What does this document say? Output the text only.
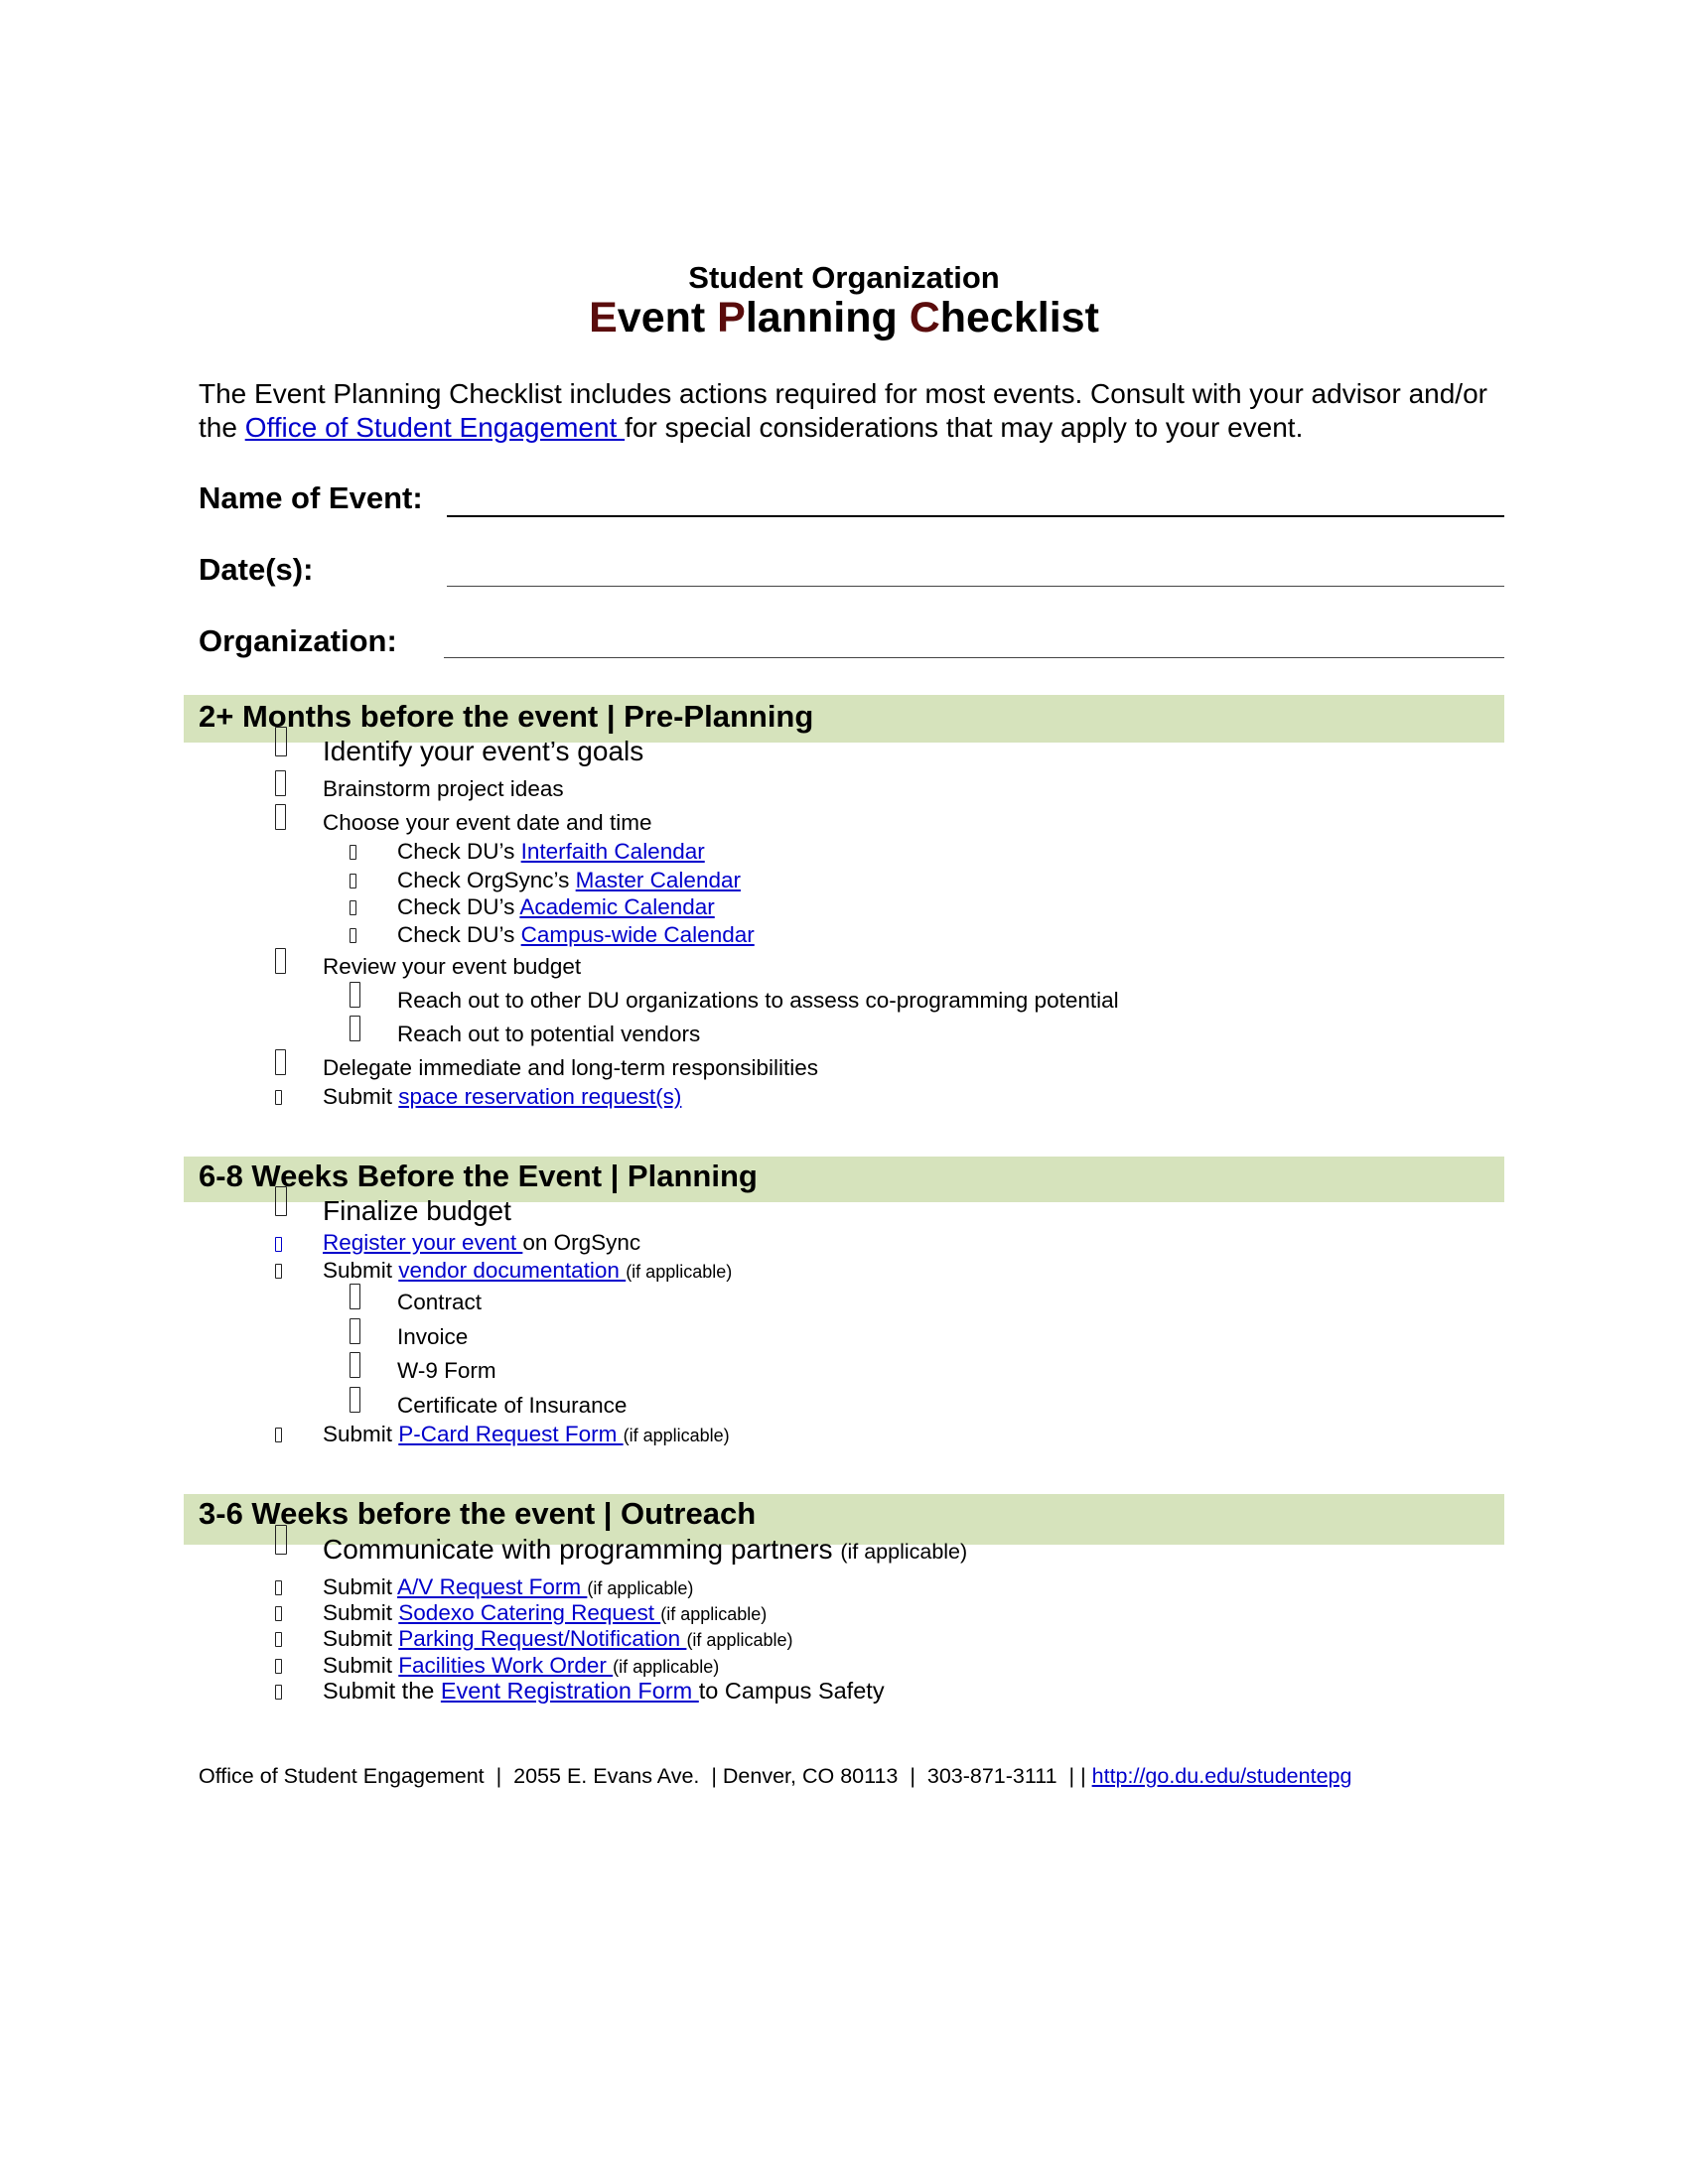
Student Organization
Event Planning Checklist
The Event Planning Checklist includes actions required for most events. Consult with your advisor and/or the Office of Student Engagement for special considerations that may apply to your event.
Name of Event:
Date(s):
Organization:
2+ Months before the event | Pre-Planning
Identify your event’s goals
Brainstorm project ideas
Choose your event date and time
Check DU’s Interfaith Calendar
Check OrgSync’s Master Calendar
Check DU’s Academic Calendar
Check DU’s Campus-wide Calendar
Review your event budget
Reach out to other DU organizations to assess co-programming potential
Reach out to potential vendors
Delegate immediate and long-term responsibilities
Submit space reservation request(s)
6-8 Weeks Before the Event | Planning
Finalize budget
Register your event on OrgSync
Submit vendor documentation (if applicable)
Contract
Invoice
W-9 Form
Certificate of Insurance
Submit P-Card Request Form (if applicable)
3-6 Weeks before the event | Outreach
Communicate with programming partners (if applicable)
Submit A/V Request Form (if applicable)
Submit Sodexo Catering Request (if applicable)
Submit Parking Request/Notification (if applicable)
Submit Facilities Work Order (if applicable)
Submit the Event Registration Form to Campus Safety
Office of Student Engagement  |  2055 E. Evans Ave.  | Denver, CO 80113  |  303-871-3111  | | http://go.du.edu/studentepg
